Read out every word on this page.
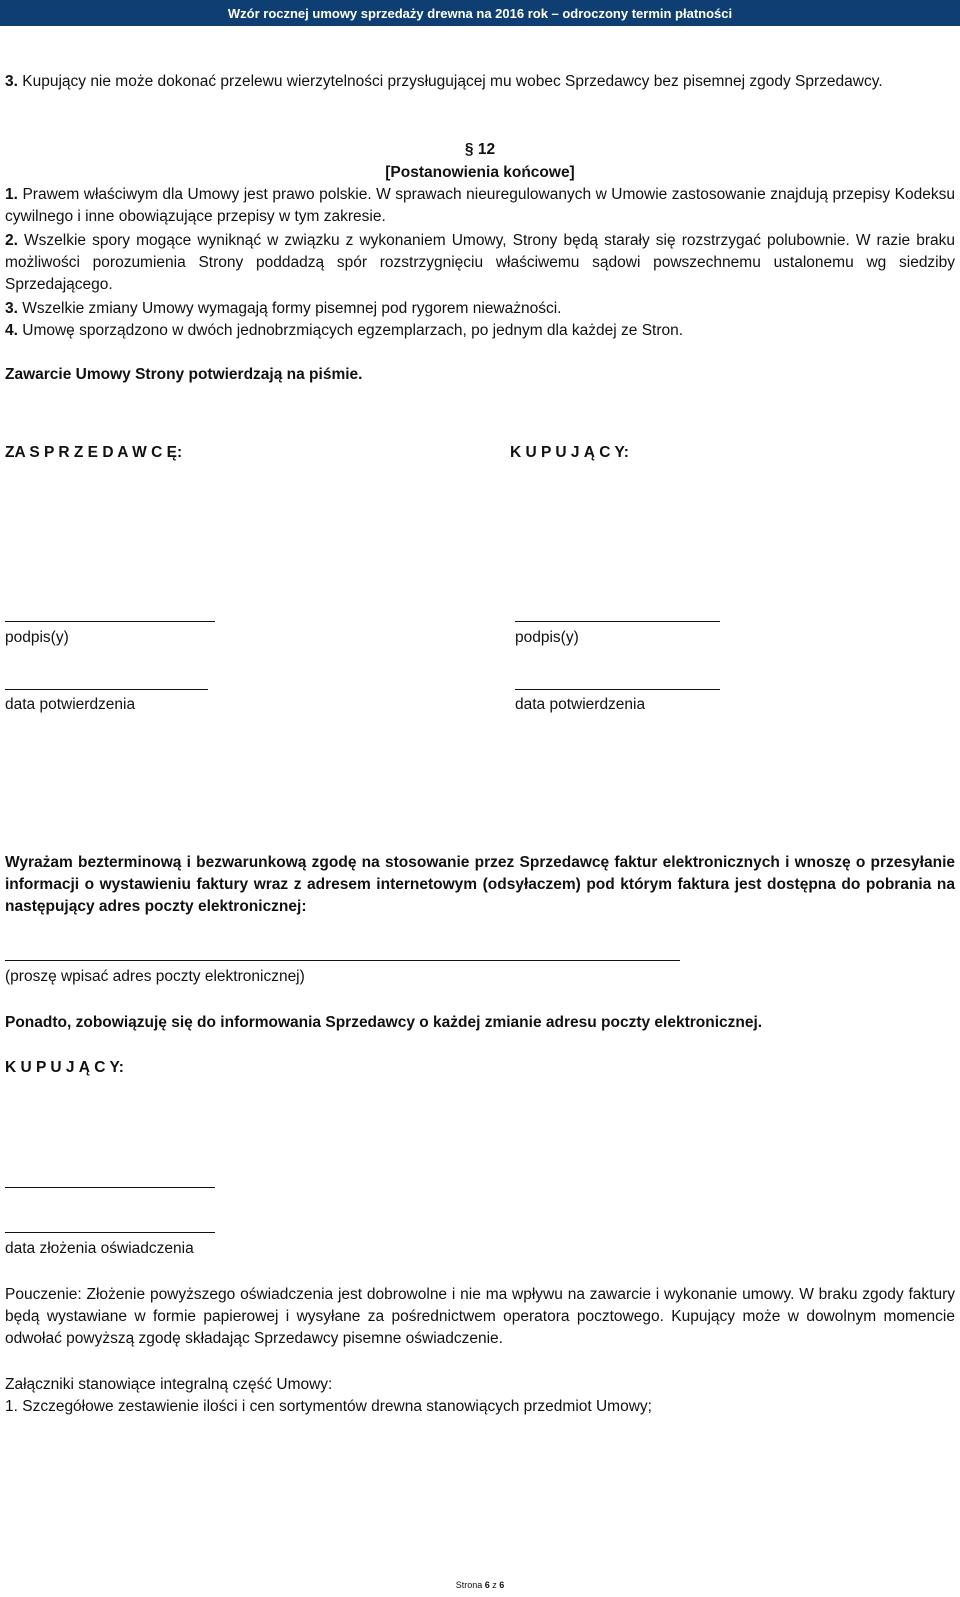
Wzór rocznej umowy sprzedaży drewna na 2016 rok – odroczony termin płatności

3. Kupujący nie może dokonać przelewu wierzytelności przysługującej mu wobec Sprzedawcy bez pisemnej zgody Sprzedawcy.

§ 12

[Postanowienia końcowe]

1. Prawem właściwym dla Umowy jest prawo polskie. W sprawach nieuregulowanych w Umowie zastosowanie znajdują przepisy Kodeksu cywilnego i inne obowiązujące przepisy w tym zakresie.

2. Wszelkie spory mogące wyniknąć w związku z wykonaniem Umowy, Strony będą starały się rozstrzygać polubownie. W razie braku możliwości porozumienia Strony poddadzą spór rozstrzygnięciu właściwemu sądowi powszechnemu ustalonemu wg siedziby Sprzedającego.

3. Wszelkie zmiany Umowy wymagają formy pisemnej pod rygorem nieważności.

4. Umowę sporządzono w dwóch jednobrzmiących egzemplarzach, po jednym dla każdej ze Stron.

Zawarcie Umowy Strony potwierdzają na piśmie.

ZA S P R Z E D A W C Ę:	K U P U J Ą C Y:
podpis(y)	podpis(y)
data potwierdzenia	data potwierdzenia

Wyrażam bezterminową i bezwarunkową zgodę na stosowanie przez Sprzedawcę faktur elektronicznych i wnoszę o przesyłanie informacji o wystawieniu faktury wraz z adresem internetowym (odsyłaczem) pod którym faktura jest dostępna do pobrania na następujący adres poczty elektronicznej:

(proszę wpisać adres poczty elektronicznej)

Ponadto, zobowiązuję się do informowania Sprzedawcy o każdej zmianie adresu poczty elektronicznej.

K U P U J Ą C Y:
data złożenia oświadczenia

Pouczenie: Złożenie powyższego oświadczenia jest dobrowolne i nie ma wpływu na zawarcie i wykonanie umowy. W braku zgody faktury będą wystawiane w formie papierowej i wysyłane za pośrednictwem operatora pocztowego. Kupujący może w dowolnym momencie odwołać powyższą zgodę składając Sprzedawcy pisemne oświadczenie.

Załączniki stanowiące integralną część Umowy:

1. Szczegółowe zestawienie ilości i cen sortymentów drewna stanowiących przedmiot Umowy;

Strona 6 z 6
